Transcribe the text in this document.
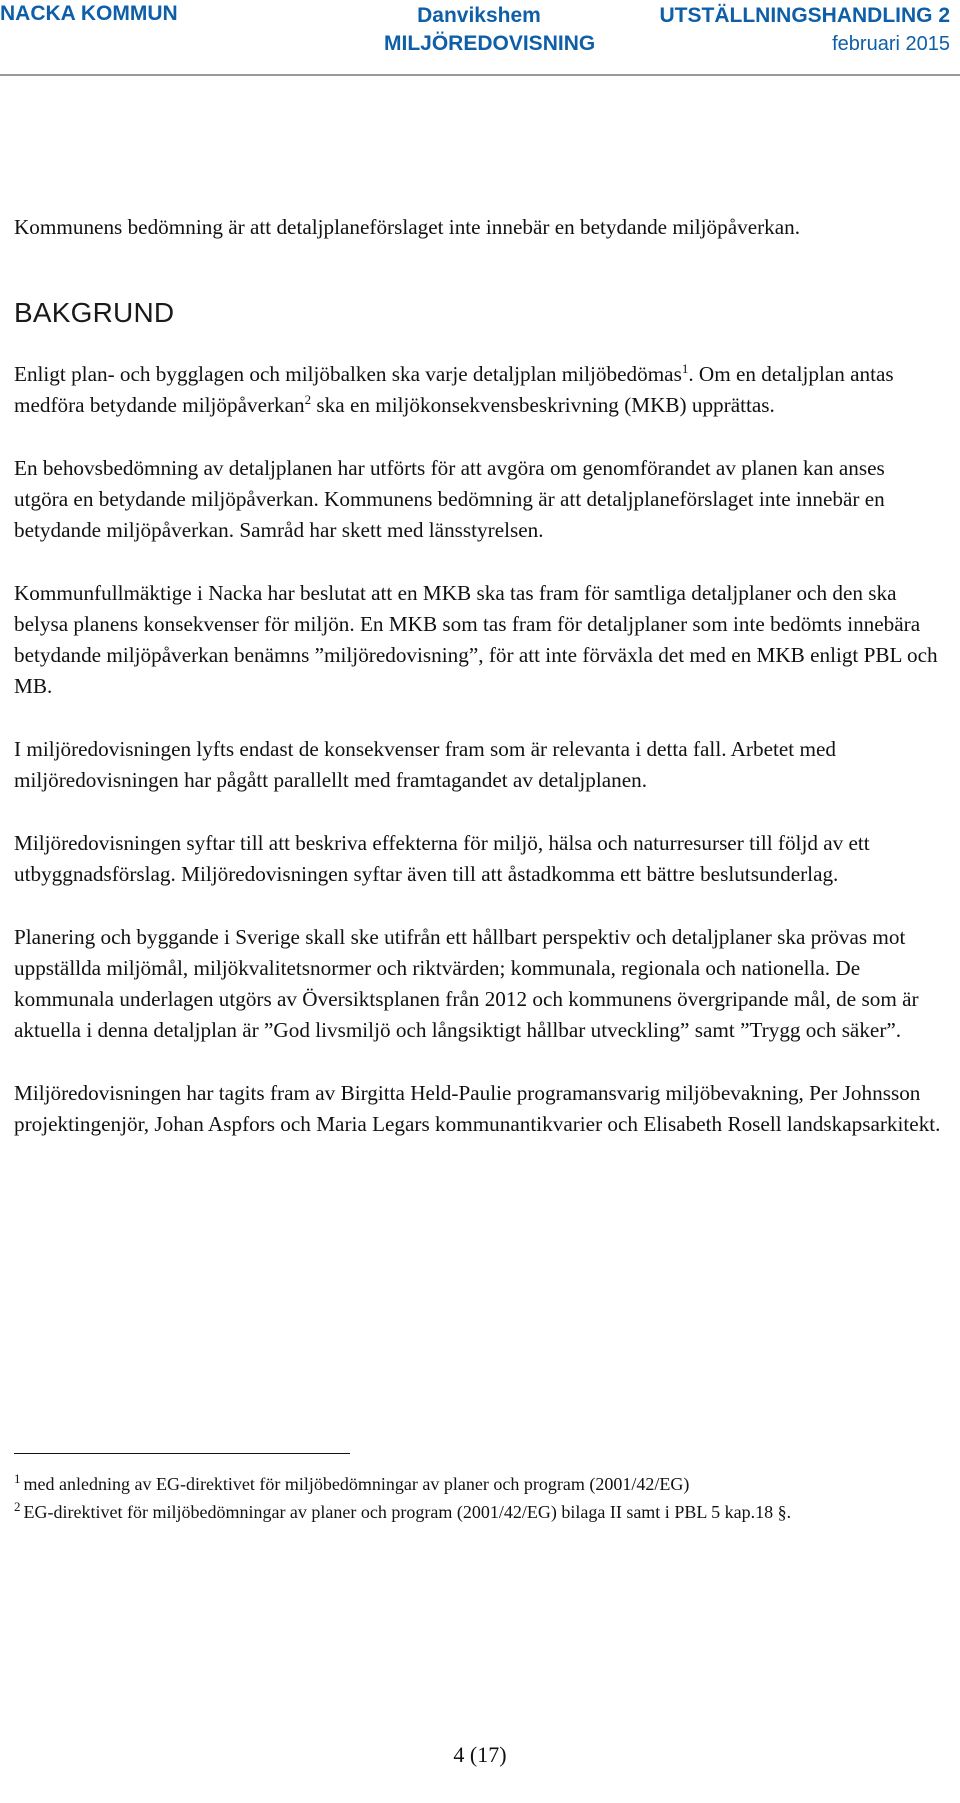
NACKA KOMMUN	Danvikshem
MILJÖREDOVISNING
UTSTÄLLNINGSHANDLING 2
februari 2015

Kommunens bedömning är att detaljplaneförslaget inte innebär en betydande miljöpåverkan.

BAKGRUND

Enligt plan- och bygglagen och miljöbalken ska varje detaljplan miljöbedömas$^1$. Om en detaljplan antas medföra betydande miljöpåverkan$^2$ ska en miljökonsekvensbeskrivning (MKB) upprättas.

En behovsbedömning av detaljplanen har utförts för att avgöra om genomförandet av planen kan anses utgöra en betydande miljöpåverkan. Kommunens bedömning är att detaljplaneförslaget inte innebär en betydande miljöpåverkan. Samråd har skett med länsstyrelsen.

Kommunfullmäktige i Nacka har beslutat att en MKB ska tas fram för samtliga detaljplaner och den ska belysa planens konsekvenser för miljön. En MKB som tas fram för detaljplaner som inte bedömts innebära betydande miljöpåverkan benämns ”miljöredovisning”, för att inte förväxla det med en MKB enligt PBL och MB.

I miljöredovisningen lyfts endast de konsekvenser fram som är relevanta i detta fall. Arbetet med miljöredovisningen har pågått parallellt med framtagandet av detaljplanen.

Miljöredovisningen syftar till att beskriva effekterna för miljö, hälsa och naturresurser till följd av ett utbyggnadsförslag. Miljöredovisningen syftar även till att åstadkomma ett bättre beslutsunderlag.

Planering och byggande i Sverige skall ske utifrån ett hållbart perspektiv och detaljplaner ska prövas mot uppställda miljömål, miljökvalitetsnormer och riktvärden; kommunala, regionala och nationella. De kommunala underlagen utgörs av Översiktsplanen från 2012 och kommunens övergripande mål, de som är aktuella i denna detaljplan är ”God livsmiljö och långsiktigt hållbar utveckling” samt ”Trygg och säker”.

Miljöredovisningen har tagits fram av Birgitta Held-Paulie programansvarig miljöbevakning, Per Johnsson projektingenjör, Johan Aspfors och Maria Legars kommunantikvarier och Elisabeth Rosell landskapsarkitekt.

$^1$ med anledning av EG-direktivet för miljöbedömningar av planer och program (2001/42/EG)

$^2$ EG-direktivet för miljöbedömningar av planer och program (2001/42/EG) bilaga II samt i PBL 5 kap.18 §.

4 (17)
